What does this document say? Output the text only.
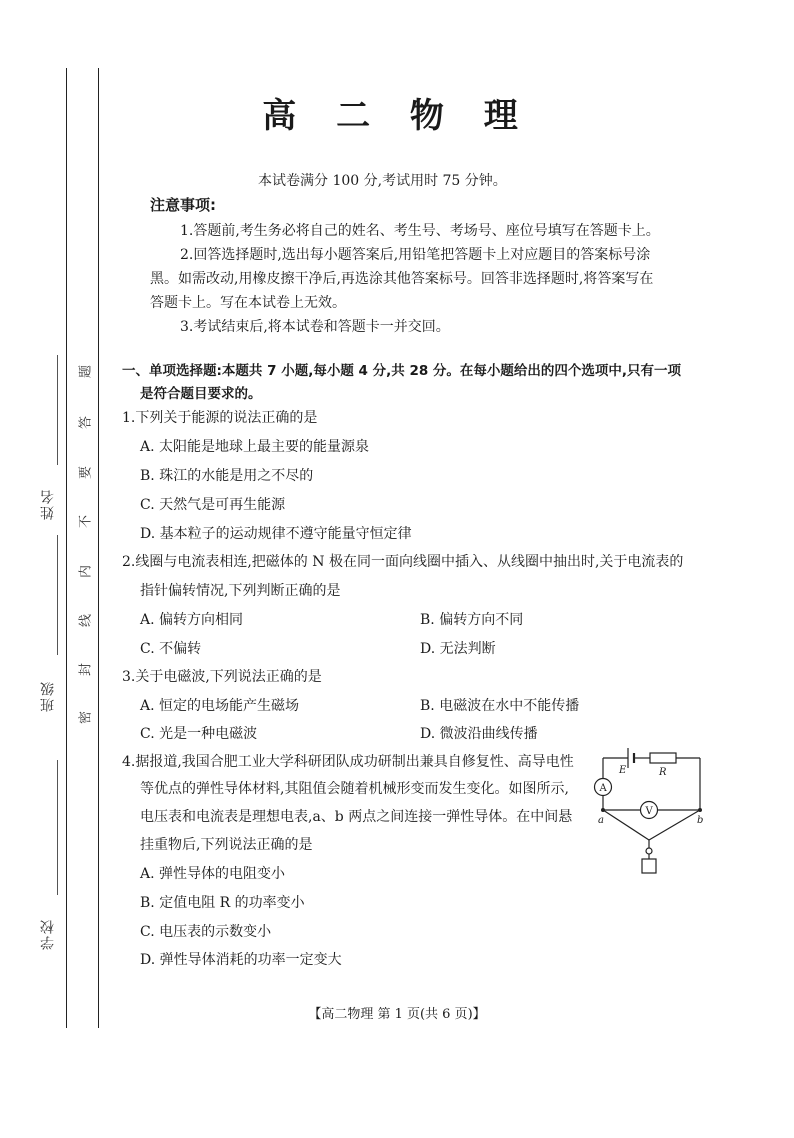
姓名
班级
学校
题
答
要
不
内
线
封
密
高 二 物 理
本试卷满分 100 分,考试用时 75 分钟。
注意事项:
1.答题前,考生务必将自己的姓名、考生号、考场号、座位号填写在答题卡上。
2.回答选择题时,选出每小题答案后,用铅笔把答题卡上对应题目的答案标号涂
黑。如需改动,用橡皮擦干净后,再选涂其他答案标号。回答非选择题时,将答案写在
答题卡上。写在本试卷上无效。
3.考试结束后,将本试卷和答题卡一并交回。
一、单项选择题:本题共 7 小题,每小题 4 分,共 28 分。在每小题给出的四个选项中,只有一项
是符合题目要求的。
1.下列关于能源的说法正确的是
A. 太阳能是地球上最主要的能量源泉
B. 珠江的水能是用之不尽的
C. 天然气是可再生能源
D. 基本粒子的运动规律不遵守能量守恒定律
2.线圈与电流表相连,把磁体的 N 极在同一面向线圈中插入、从线圈中抽出时,关于电流表的
指针偏转情况,下列判断正确的是
A. 偏转方向相同	B. 偏转方向不同
C. 不偏转	D. 无法判断
3.关于电磁波,下列说法正确的是
A. 恒定的电场能产生磁场	B. 电磁波在水中不能传播
C. 光是一种电磁波	D. 微波沿曲线传播
4.据报道,我国合肥工业大学科研团队成功研制出兼具自修复性、高导电性
等优点的弹性导体材料,其阻值会随着机械形变而发生变化。如图所示,
电压表和电流表是理想电表,a、b 两点之间连接一弹性导体。在中间悬
挂重物后,下列说法正确的是
A. 弹性导体的电阻变小
B. 定值电阻 R 的功率变小
C. 电压表的示数变小
D. 弹性导体消耗的功率一定变大
E	R
A
V
a	b
【高二物理 第 1 页(共 6 页)】
